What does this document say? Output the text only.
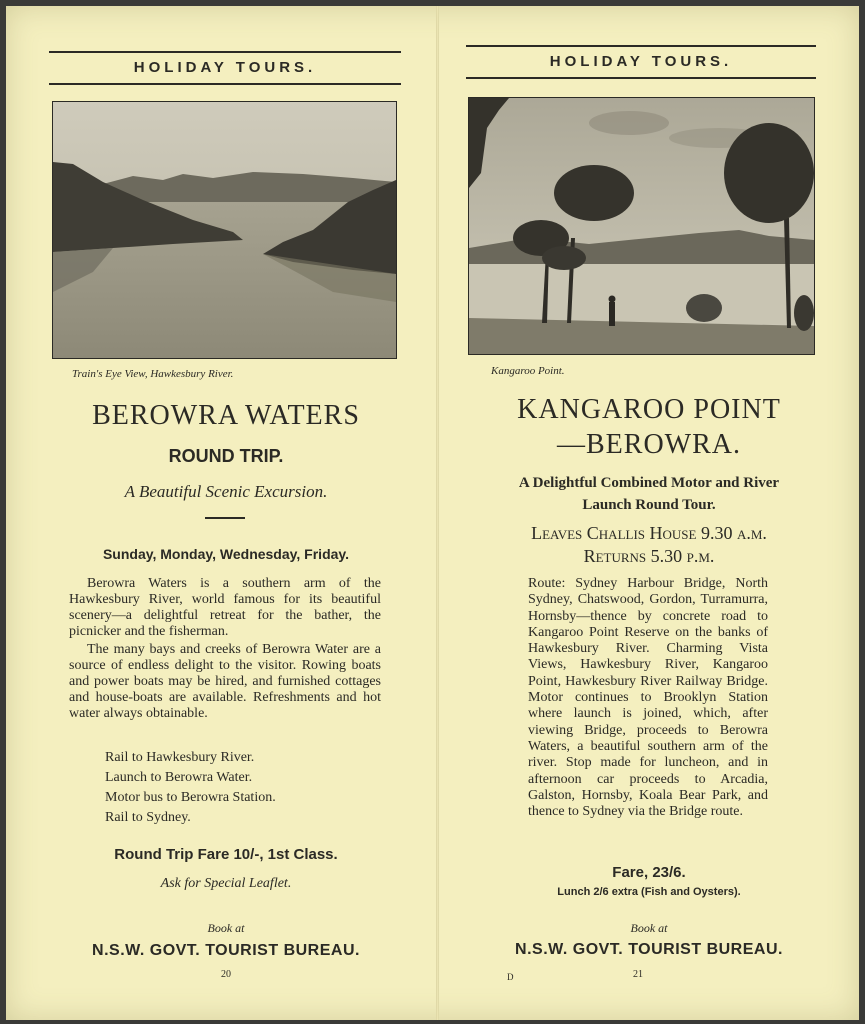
HOLIDAY TOURS.
Train's Eye View, Hawkesbury River.
BEROWRA WATERS
ROUND TRIP.
A Beautiful Scenic Excursion.
Sunday, Monday, Wednesday, Friday.

Berowra Waters is a southern arm of the Hawkesbury River, world famous for its beautiful scenery—a delightful retreat for the bather, the picnicker and the fisherman.

The many bays and creeks of Berowra Water are a source of endless delight to the visitor. Rowing boats and power boats may be hired, and furnished cottages and house-boats are available. Refreshments and hot water always obtainable.

Rail to Hawkesbury River.
Launch to Berowra Water.
Motor bus to Berowra Station.
Rail to Sydney.
Round Trip Fare 10/-, 1st Class.
Ask for Special Leaflet.
Book at
N.S.W. GOVT. TOURIST BUREAU.
20
HOLIDAY TOURS.
Kangaroo Point.
KANGAROO POINT
—BEROWRA.
A Delightful Combined Motor and River
Launch Round Tour.
Leaves Challis House 9.30 a.m.
Returns 5.30 p.m.
Route: Sydney Harbour Bridge, North Sydney, Chatswood, Gordon, Turramurra, Hornsby—thence by concrete road to Kangaroo Point Reserve on the banks of Hawkesbury River. Charming Vista Views, Hawkesbury River, Kangaroo Point, Hawkesbury River Railway Bridge. Motor continues to Brooklyn Station where launch is joined, which, after viewing Bridge, proceeds to Berowra Waters, a beautiful southern arm of the river. Stop made for luncheon, and in afternoon car proceeds to Arcadia, Galston, Hornsby, Koala Bear Park, and thence to Sydney via the Bridge route.
Fare, 23/6.
Lunch 2/6 extra (Fish and Oysters).
Book at
N.S.W. GOVT. TOURIST BUREAU.
D	21
